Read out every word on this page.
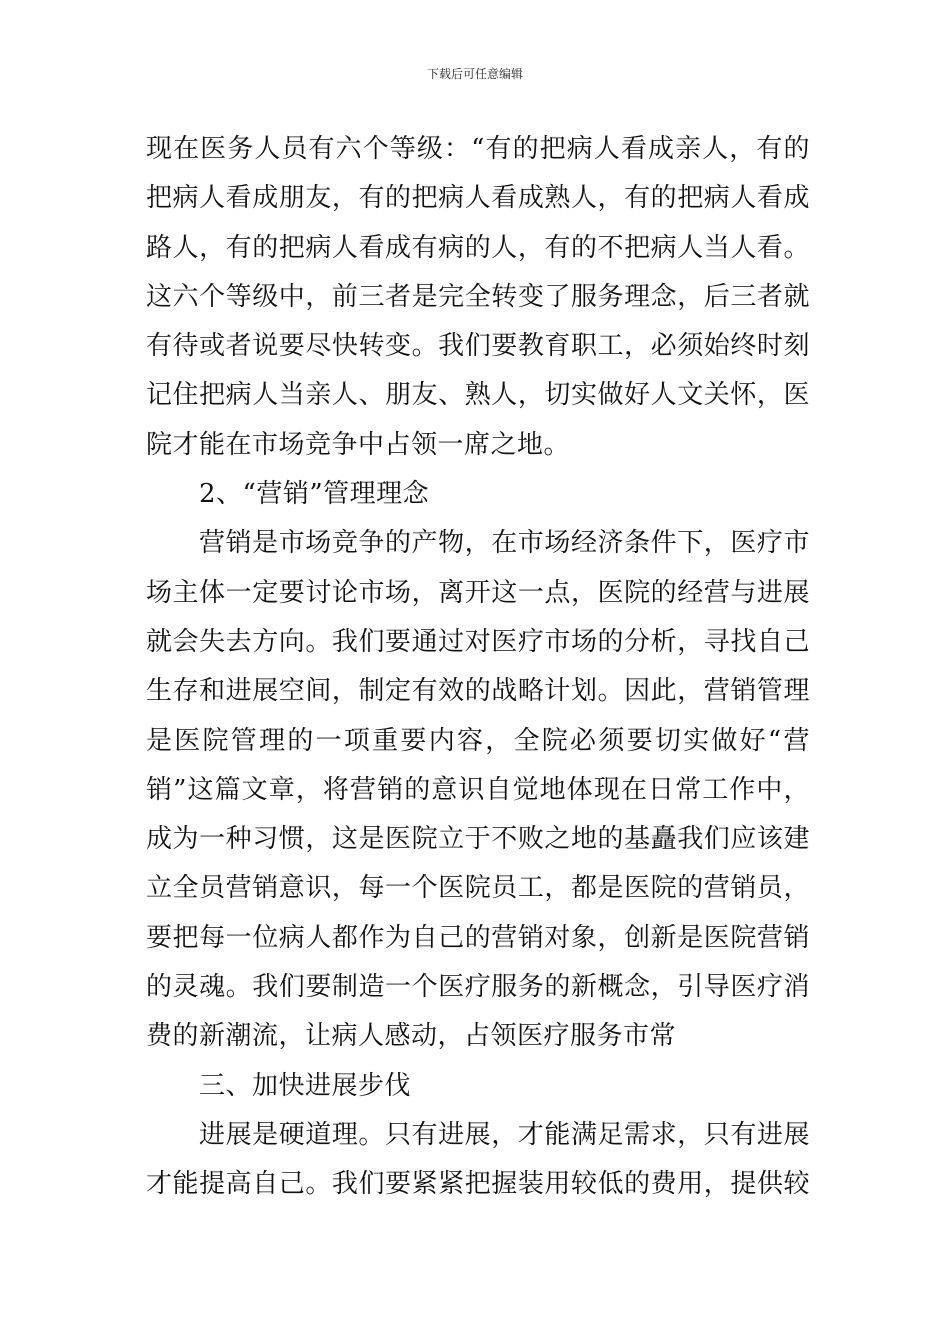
下载后可任意编辑
现在医务人员有六个等级：“有的把病人看成亲人，有的
把病人看成朋友，有的把病人看成熟人，有的把病人看成
路人，有的把病人看成有病的人，有的不把病人当人看。
这六个等级中，前三者是完全转变了服务理念，后三者就
有待或者说要尽快转变。我们要教育职工，必须始终时刻
记住把病人当亲人、朋友、熟人，切实做好人文关怀，医
院才能在市场竞争中占领一席之地。
2、“营销”管理理念
营销是市场竞争的产物，在市场经济条件下，医疗市
场主体一定要讨论市场，离开这一点，医院的经营与进展
就会失去方向。我们要通过对医疗市场的分析，寻找自己
生存和进展空间，制定有效的战略计划。因此，营销管理
是医院管理的一项重要内容，全院必须要切实做好“营
销”这篇文章，将营销的意识自觉地体现在日常工作中，
成为一种习惯，这是医院立于不败之地的基矗我们应该建
立全员营销意识，每一个医院员工，都是医院的营销员，
要把每一位病人都作为自己的营销对象，创新是医院营销
的灵魂。我们要制造一个医疗服务的新概念，引导医疗消
费的新潮流，让病人感动，占领医疗服务市常
三、加快进展步伐
进展是硬道理。只有进展，才能满足需求，只有进展
才能提高自己。我们要紧紧把握装用较低的费用，提供较
